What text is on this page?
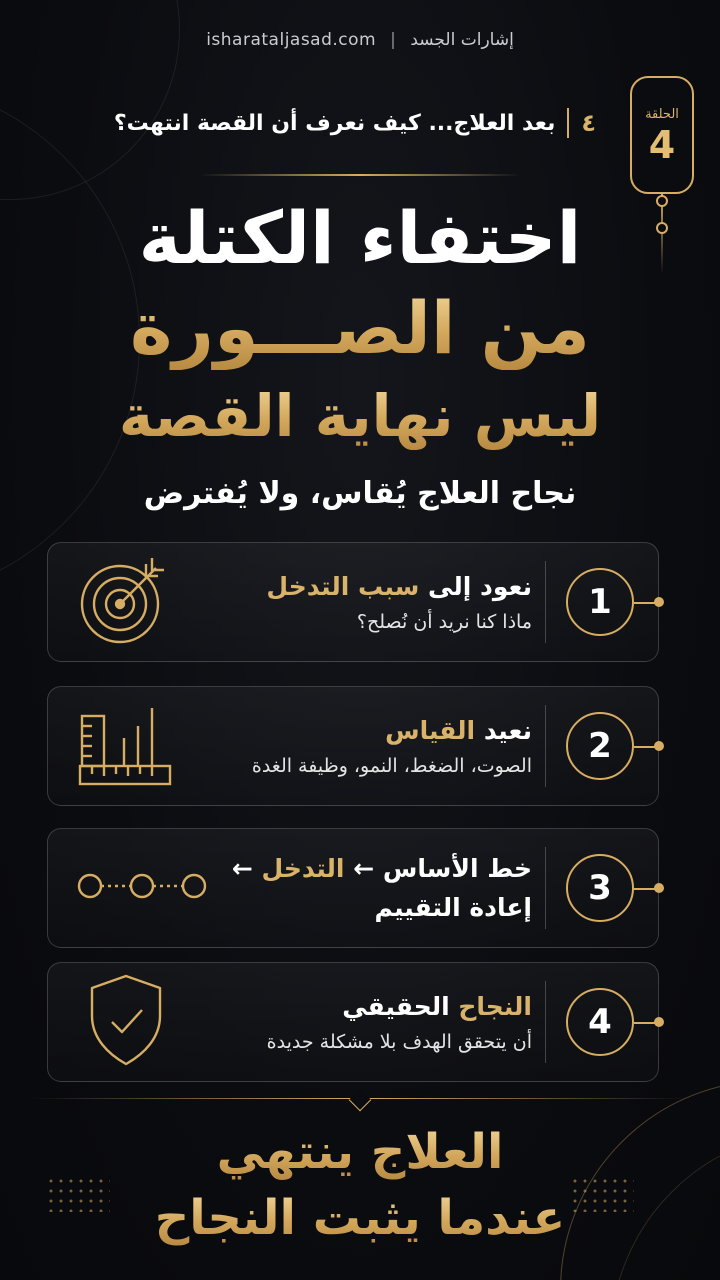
isharataljasad.com | إشارات الجسد
الحلقة
4
٤
بعد العلاج... كيف نعرف أن القصة انتهت؟
اختفاء الكتلة
من الصـــورة
ليس نهاية القصة
نجاح العلاج يُقاس، ولا يُفترض
1
نعود إلى سبب التدخل
ماذا كنا نريد أن نُصلح؟
2
نعيد القياس
الصوت، الضغط، النمو، وظيفة الغدة
3
خط الأساس ← التدخل ←
إعادة التقييم
4
النجاح الحقيقي
أن يتحقق الهدف بلا مشكلة جديدة
العلاج ينتهي
عندما يثبت النجاح
